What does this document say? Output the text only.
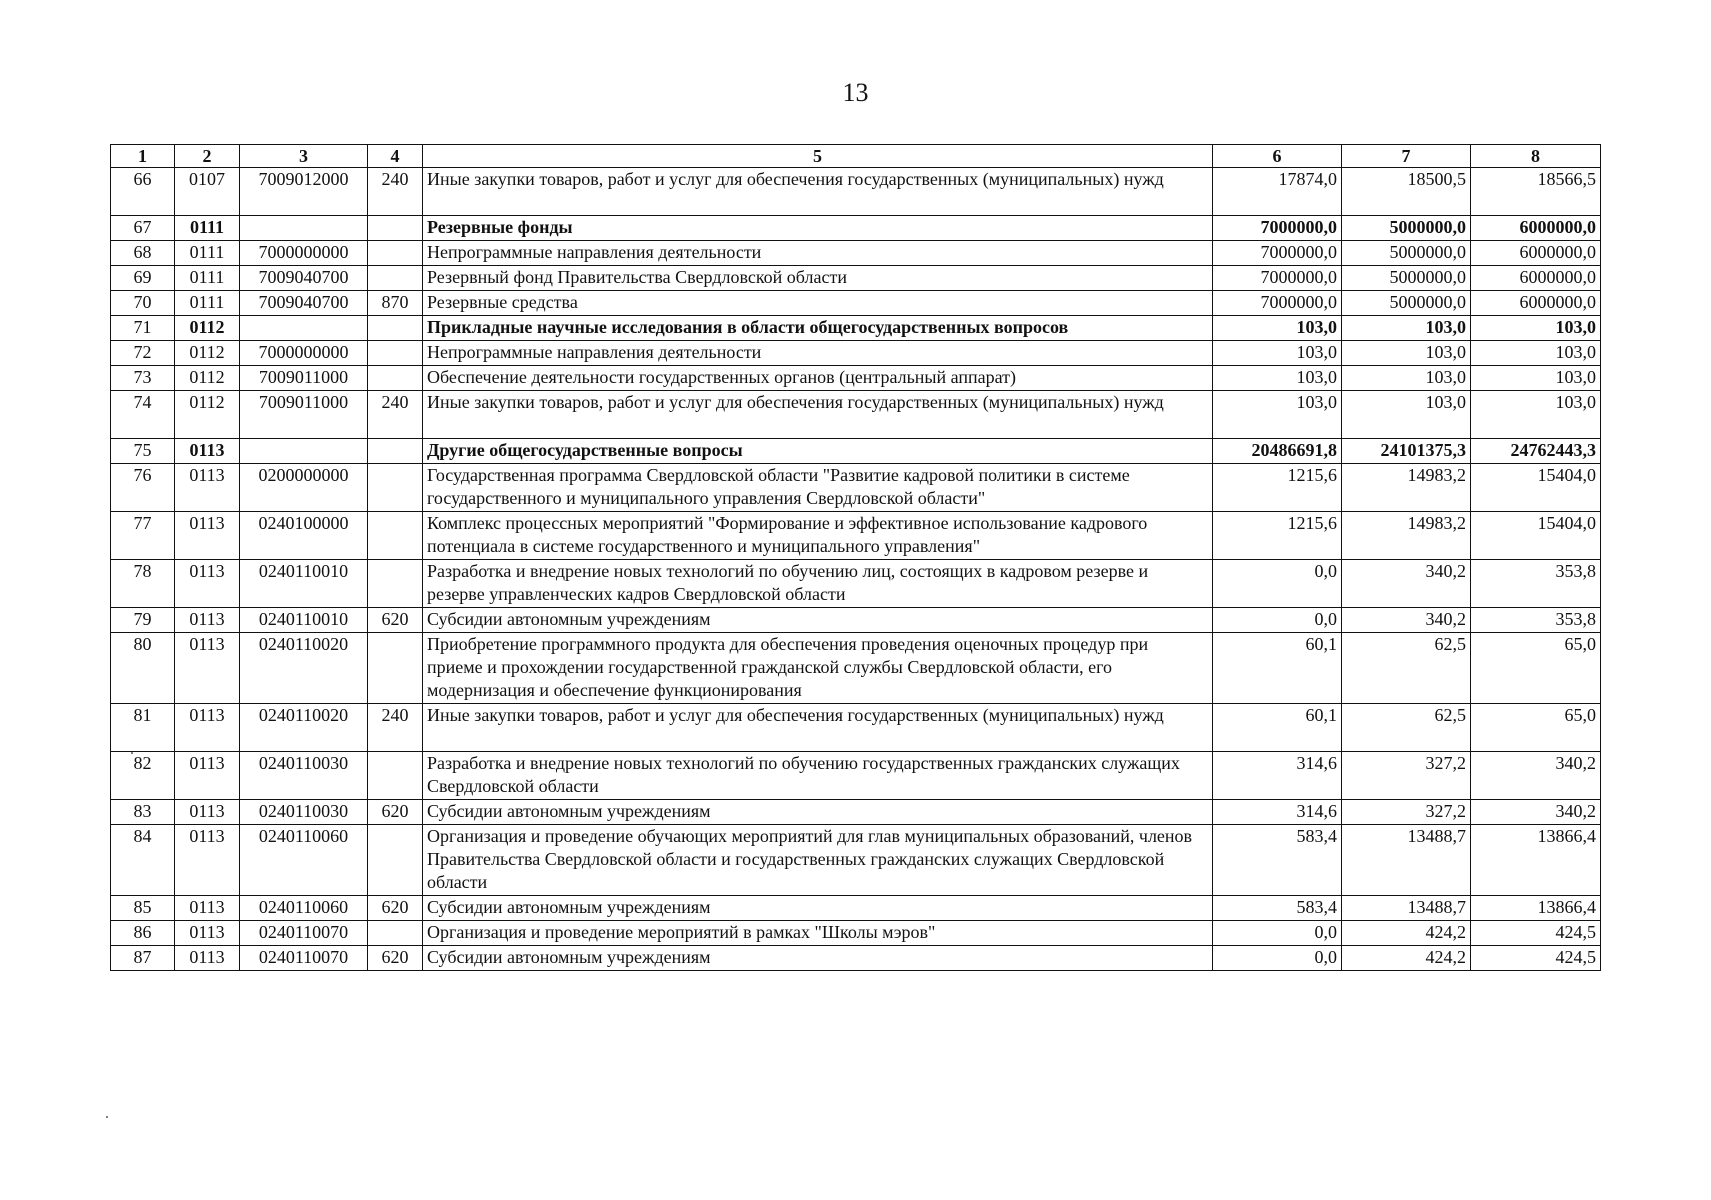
13
1	2	3	4	5	6	7	8
66	0107	7009012000	240	Иные закупки товаров, работ и услуг для обеспечения государственных (муниципальных) нужд	17874,0	18500,5	18566,5
67	0111			Резервные фонды	7000000,0	5000000,0	6000000,0
68	0111	7000000000		Непрограммные направления деятельности	7000000,0	5000000,0	6000000,0
69	0111	7009040700		Резервный фонд Правительства Свердловской области	7000000,0	5000000,0	6000000,0
70	0111	7009040700	870	Резервные средства	7000000,0	5000000,0	6000000,0
71	0112			Прикладные научные исследования в области общегосударственных вопросов	103,0	103,0	103,0
72	0112	7000000000		Непрограммные направления деятельности	103,0	103,0	103,0
73	0112	7009011000		Обеспечение деятельности государственных органов (центральный аппарат)	103,0	103,0	103,0
74	0112	7009011000	240	Иные закупки товаров, работ и услуг для обеспечения государственных (муниципальных) нужд	103,0	103,0	103,0
75	0113			Другие общегосударственные вопросы	20486691,8	24101375,3	24762443,3
76	0113	0200000000		Государственная программа Свердловской области "Развитие кадровой политики в системе государственного и муниципального управления Свердловской области"	1215,6	14983,2	15404,0
77	0113	0240100000		Комплекс процессных мероприятий "Формирование и эффективное использование кадрового потенциала в системе государственного и муниципального управления"	1215,6	14983,2	15404,0
78	0113	0240110010		Разработка и внедрение новых технологий по обучению лиц, состоящих в кадровом резерве и резерве управленческих кадров Свердловской области	0,0	340,2	353,8
79	0113	0240110010	620	Субсидии автономным учреждениям	0,0	340,2	353,8
80	0113	0240110020		Приобретение программного продукта для обеспечения проведения оценочных процедур при приеме и прохождении государственной гражданской службы Свердловской области, его модернизация и обеспечение функционирования	60,1	62,5	65,0
81	0113	0240110020	240	Иные закупки товаров, работ и услуг для обеспечения государственных (муниципальных) нужд	60,1	62,5	65,0
82	0113	0240110030		Разработка и внедрение новых технологий по обучению государственных гражданских служащих Свердловской области	314,6	327,2	340,2
83	0113	0240110030	620	Субсидии автономным учреждениям	314,6	327,2	340,2
84	0113	0240110060		Организация и проведение обучающих мероприятий для глав муниципальных образований, членов Правительства Свердловской области и государственных гражданских служащих Свердловской области	583,4	13488,7	13866,4
85	0113	0240110060	620	Субсидии автономным учреждениям	583,4	13488,7	13866,4
86	0113	0240110070		Организация и проведение мероприятий в рамках "Школы мэров"	0,0	424,2	424,5
87	0113	0240110070	620	Субсидии автономным учреждениям	0,0	424,2	424,5
